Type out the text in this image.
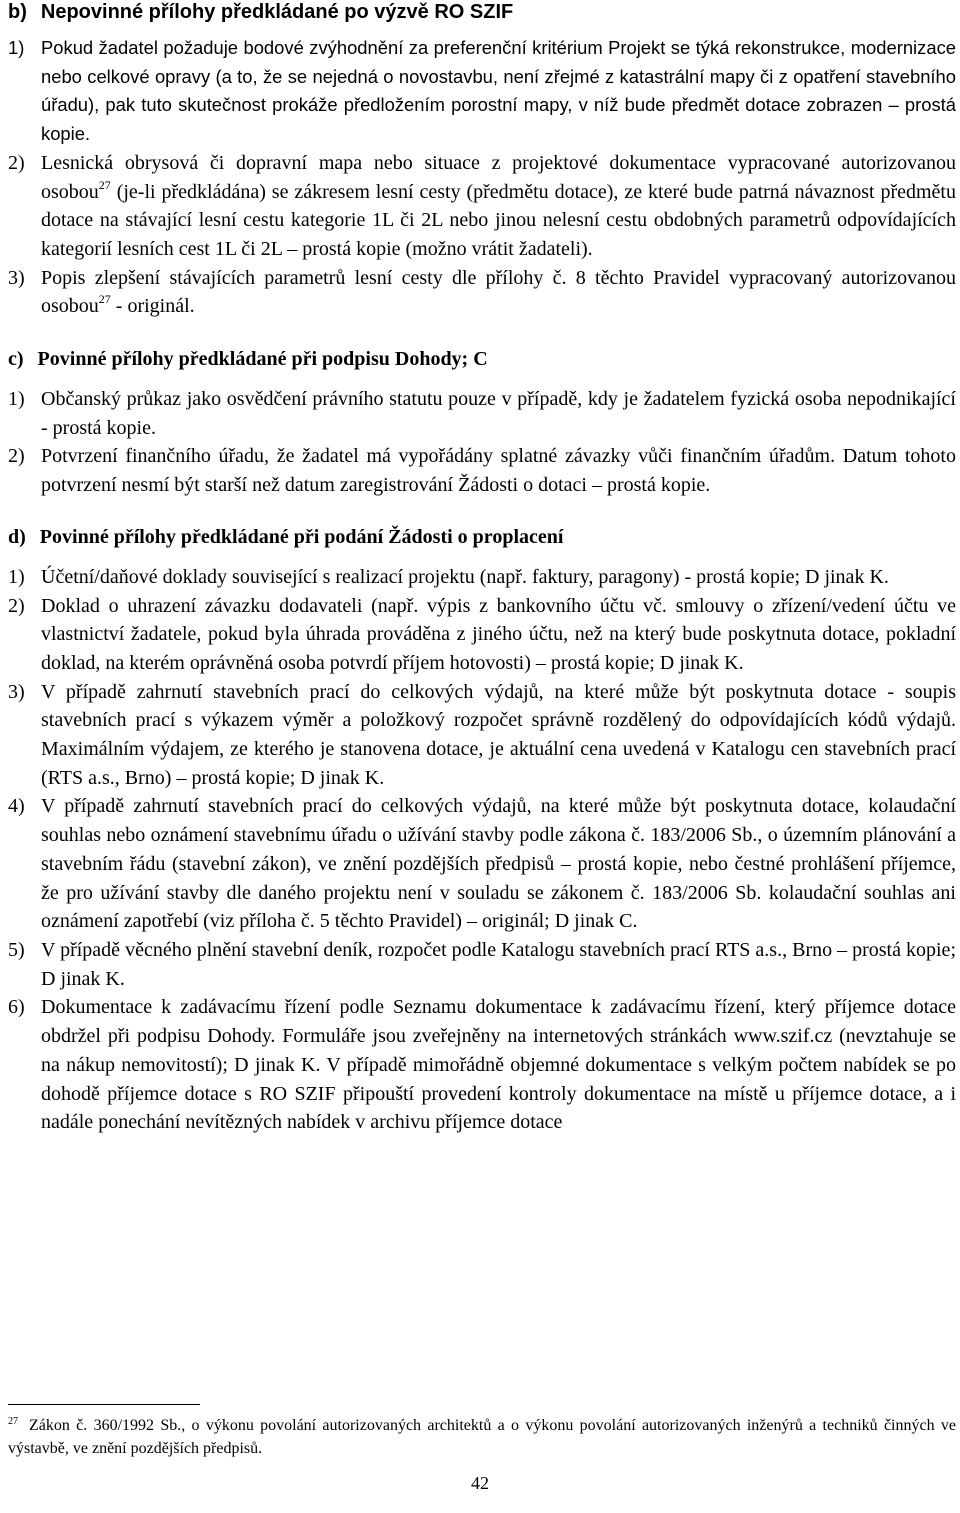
b) Nepovinné přílohy předkládané po výzvě RO SZIF
1) Pokud žadatel požaduje bodové zvýhodnění za preferenční kritérium Projekt se týká rekonstrukce, modernizace nebo celkové opravy (a to, že se nejedná o novostavbu, není zřejmé z katastrální mapy či z opatření stavebního úřadu), pak tuto skutečnost prokáže předložením porostní mapy, v níž bude předmět dotace zobrazen – prostá kopie.
2) Lesnická obrysová či dopravní mapa nebo situace z projektové dokumentace vypracované autorizovanou osobou$^{27}$ (je-li předkládána) se zákresem lesní cesty (předmětu dotace), ze které bude patrná návaznost předmětu dotace na stávající lesní cestu kategorie 1L či 2L nebo jinou nelesní cestu obdobných parametrů odpovídajících kategorií lesních cest 1L či 2L – prostá kopie (možno vrátit žadateli).
3) Popis zlepšení stávajících parametrů lesní cesty dle přílohy č. 8 těchto Pravidel vypracovaný autorizovanou osobou$^{27}$ - originál.
c) Povinné přílohy předkládané při podpisu Dohody; C
1) Občanský průkaz jako osvědčení právního statutu pouze v případě, kdy je žadatelem fyzická osoba nepodnikající - prostá kopie.
2) Potvrzení finančního úřadu, že žadatel má vypořádány splatné závazky vůči finančním úřadům. Datum tohoto potvrzení nesmí být starší než datum zaregistrování Žádosti o dotaci – prostá kopie.
d) Povinné přílohy předkládané při podání Žádosti o proplacení
1) Účetní/daňové doklady související s realizací projektu (např. faktury, paragony) - prostá kopie; D jinak K.
2) Doklad o uhrazení závazku dodavateli (např. výpis z bankovního účtu vč. smlouvy o zřízení/vedení účtu ve vlastnictví žadatele, pokud byla úhrada prováděna z jiného účtu, než na který bude poskytnuta dotace, pokladní doklad, na kterém oprávněná osoba potvrdí příjem hotovosti) – prostá kopie; D jinak K.
3) V případě zahrnutí stavebních prací do celkových výdajů, na které může být poskytnuta dotace - soupis stavebních prací s výkazem výměr a položkový rozpočet správně rozdělený do odpovídajících kódů výdajů. Maximálním výdajem, ze kterého je stanovena dotace, je aktuální cena uvedená v Katalogu cen stavebních prací (RTS a.s., Brno) – prostá kopie; D jinak K.
4) V případě zahrnutí stavebních prací do celkových výdajů, na které může být poskytnuta dotace, kolaudační souhlas nebo oznámení stavebnímu úřadu o užívání stavby podle zákona č. 183/2006 Sb., o územním plánování a stavebním řádu (stavební zákon), ve znění pozdějších předpisů – prostá kopie, nebo čestné prohlášení příjemce, že pro užívání stavby dle daného projektu není v souladu se zákonem č. 183/2006 Sb. kolaudační souhlas ani oznámení zapotřebí (viz příloha č. 5 těchto Pravidel) – originál; D jinak C.
5) V případě věcného plnění stavební deník, rozpočet podle Katalogu stavebních prací RTS a.s., Brno – prostá kopie; D jinak K.
6) Dokumentace k zadávacímu řízení podle Seznamu dokumentace k zadávacímu řízení, který příjemce dotace obdržel při podpisu Dohody. Formuláře jsou zveřejněny na internetových stránkách www.szif.cz (nevztahuje se na nákup nemovitostí); D jinak K. V případě mimořádně objemné dokumentace s velkým počtem nabídek se po dohodě příjemce dotace s RO SZIF připouští provedení kontroly dokumentace na místě u příjemce dotace, a i nadále ponechání nevítězných nabídek v archivu příjemce dotace
$^{27}$ Zákon č. 360/1992 Sb., o výkonu povolání autorizovaných architektů a o výkonu povolání autorizovaných inženýrů a techniků činných ve výstavbě, ve znění pozdějších předpisů.
42
